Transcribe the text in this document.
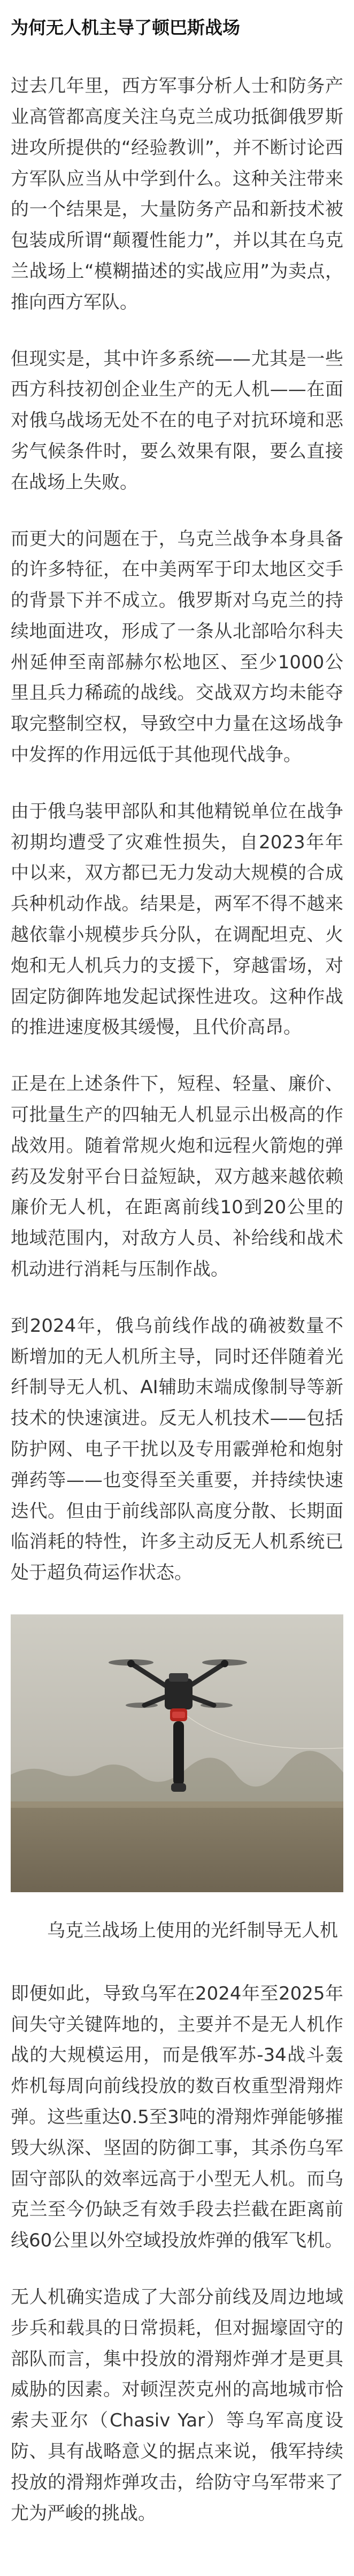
为何无人机主导了顿巴斯战场
过去几年里，西方军事分析人士和防务产业高管都高度关注乌克兰成功抵御俄罗斯进攻所提供的“经验教训”，并不断讨论西方军队应当从中学到什么。这种关注带来的一个结果是，大量防务产品和新技术被包装成所谓“颠覆性能力”，并以其在乌克兰战场上“模糊描述的实战应用”为卖点，推向西方军队。
但现实是，其中许多系统——尤其是一些西方科技初创企业生产的无人机——在面对俄乌战场无处不在的电子对抗环境和恶劣气候条件时，要么效果有限，要么直接在战场上失败。
而更大的问题在于，乌克兰战争本身具备的许多特征，在中美两军于印太地区交手的背景下并不成立。俄罗斯对乌克兰的持续地面进攻，形成了一条从北部哈尔科夫州延伸至南部赫尔松地区、至少1000公里且兵力稀疏的战线。交战双方均未能夺取完整制空权，导致空中力量在这场战争中发挥的作用远低于其他现代战争。
由于俄乌装甲部队和其他精锐单位在战争初期均遭受了灾难性损失，自2023年年中以来，双方都已无力发动大规模的合成兵种机动作战。结果是，两军不得不越来越依靠小规模步兵分队，在调配坦克、火炮和无人机兵力的支援下，穿越雷场，对固定防御阵地发起试探性进攻。这种作战的推进速度极其缓慢，且代价高昂。
正是在上述条件下，短程、轻量、廉价、可批量生产的四轴无人机显示出极高的作战效用。随着常规火炮和远程火箭炮的弹药及发射平台日益短缺，双方越来越依赖廉价无人机，在距离前线10到20公里的地域范围内，对敌方人员、补给线和战术机动进行消耗与压制作战。
到2024年，俄乌前线作战的确被数量不断增加的无人机所主导，同时还伴随着光纤制导无人机、AI辅助末端成像制导等新技术的快速演进。反无人机技术——包括防护网、电子干扰以及专用霰弹枪和炮射弹药等——也变得至关重要，并持续快速迭代。但由于前线部队高度分散、长期面临消耗的特性，许多主动反无人机系统已处于超负荷运作状态。
乌克兰战场上使用的光纤制导无人机
即便如此，导致乌军在2024年至2025年间失守关键阵地的，主要并不是无人机作战的大规模运用，而是俄军苏-34战斗轰炸机每周向前线投放的数百枚重型滑翔炸弹。这些重达0.5至3吨的滑翔炸弹能够摧毁大纵深、坚固的防御工事，其杀伤乌军固守部队的效率远高于小型无人机。而乌克兰至今仍缺乏有效手段去拦截在距离前线60公里以外空域投放炸弹的俄军飞机。
无人机确实造成了大部分前线及周边地域步兵和载具的日常损耗，但对掘壕固守的部队而言，集中投放的滑翔炸弹才是更具威胁的因素。对顿涅茨克州的高地城市恰索夫亚尔（Chasiv Yar）等乌军高度设防、具有战略意义的据点来说，俄军持续投放的滑翔炸弹攻击，给防守乌军带来了尤为严峻的挑战。
